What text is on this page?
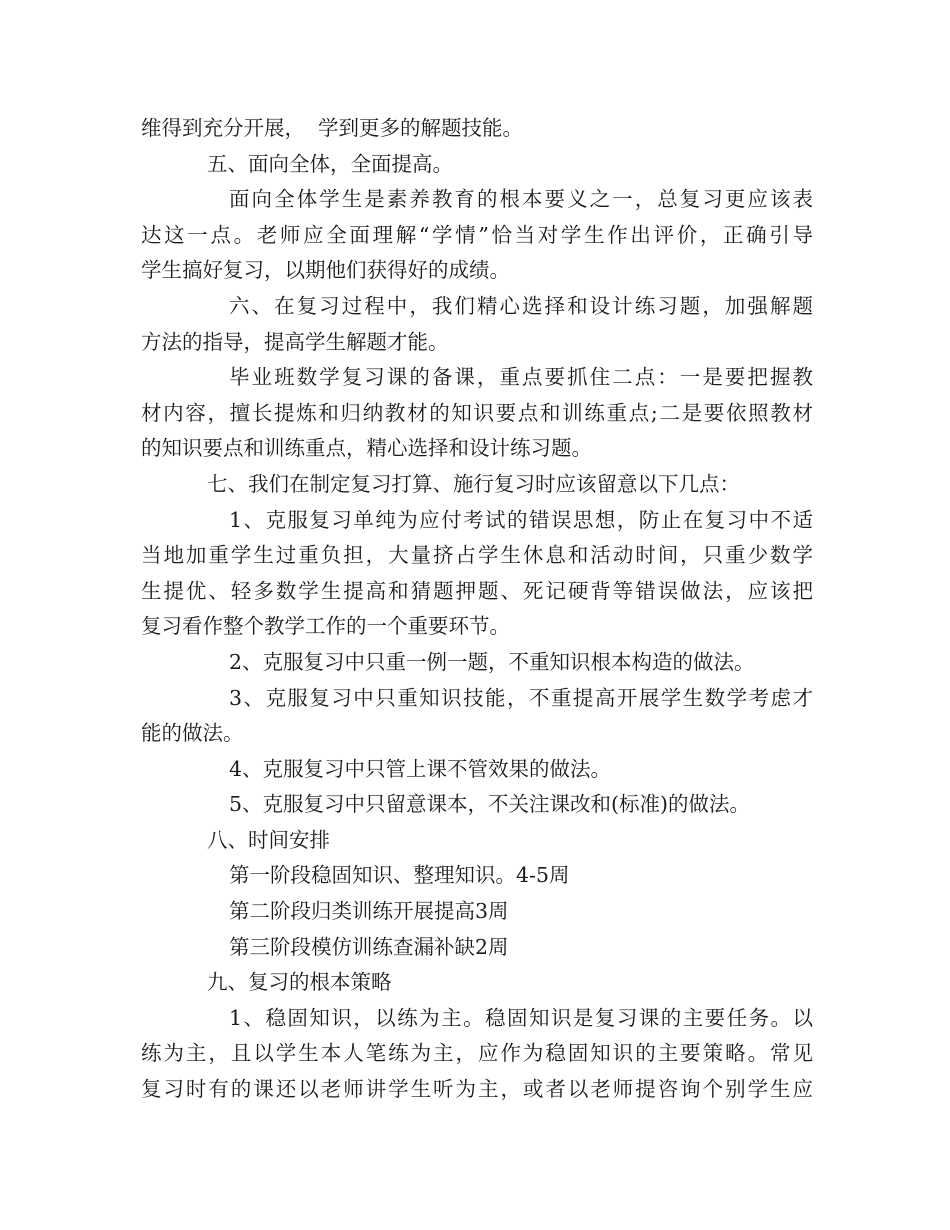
维得到充分开展，  学到更多的解题技能。
五、面向全体，全面提高。
面向全体学生是素养教育的根本要义之一，总复习更应该表
达这一点。老师应全面理解“学情”恰当对学生作出评价，正确引导
学生搞好复习，以期他们获得好的成绩。
六、在复习过程中，我们精心选择和设计练习题，加强解题
方法的指导，提高学生解题才能。
毕业班数学复习课的备课，重点要抓住二点：一是要把握教
材内容，擅长提炼和归纳教材的知识要点和训练重点;二是要依照教材
的知识要点和训练重点，精心选择和设计练习题。
七、我们在制定复习打算、施行复习时应该留意以下几点：
1、克服复习单纯为应付考试的错误思想，防止在复习中不适
当地加重学生过重负担，大量挤占学生休息和活动时间，只重少数学
生提优、轻多数学生提高和猜题押题、死记硬背等错误做法，应该把
复习看作整个教学工作的一个重要环节。
2、克服复习中只重一例一题，不重知识根本构造的做法。
3、克服复习中只重知识技能，不重提高开展学生数学考虑才
能的做法。
4、克服复习中只管上课不管效果的做法。
5、克服复习中只留意课本，不关注课改和(标准)的做法。
八、时间安排
第一阶段稳固知识、整理知识。4-5周
第二阶段归类训练开展提高3周
第三阶段模仿训练查漏补缺2周
九、复习的根本策略
1、稳固知识，以练为主。稳固知识是复习课的主要任务。以
练为主，且以学生本人笔练为主，应作为稳固知识的主要策略。常见
复习时有的课还以老师讲学生听为主，或者以老师提咨询个别学生应
